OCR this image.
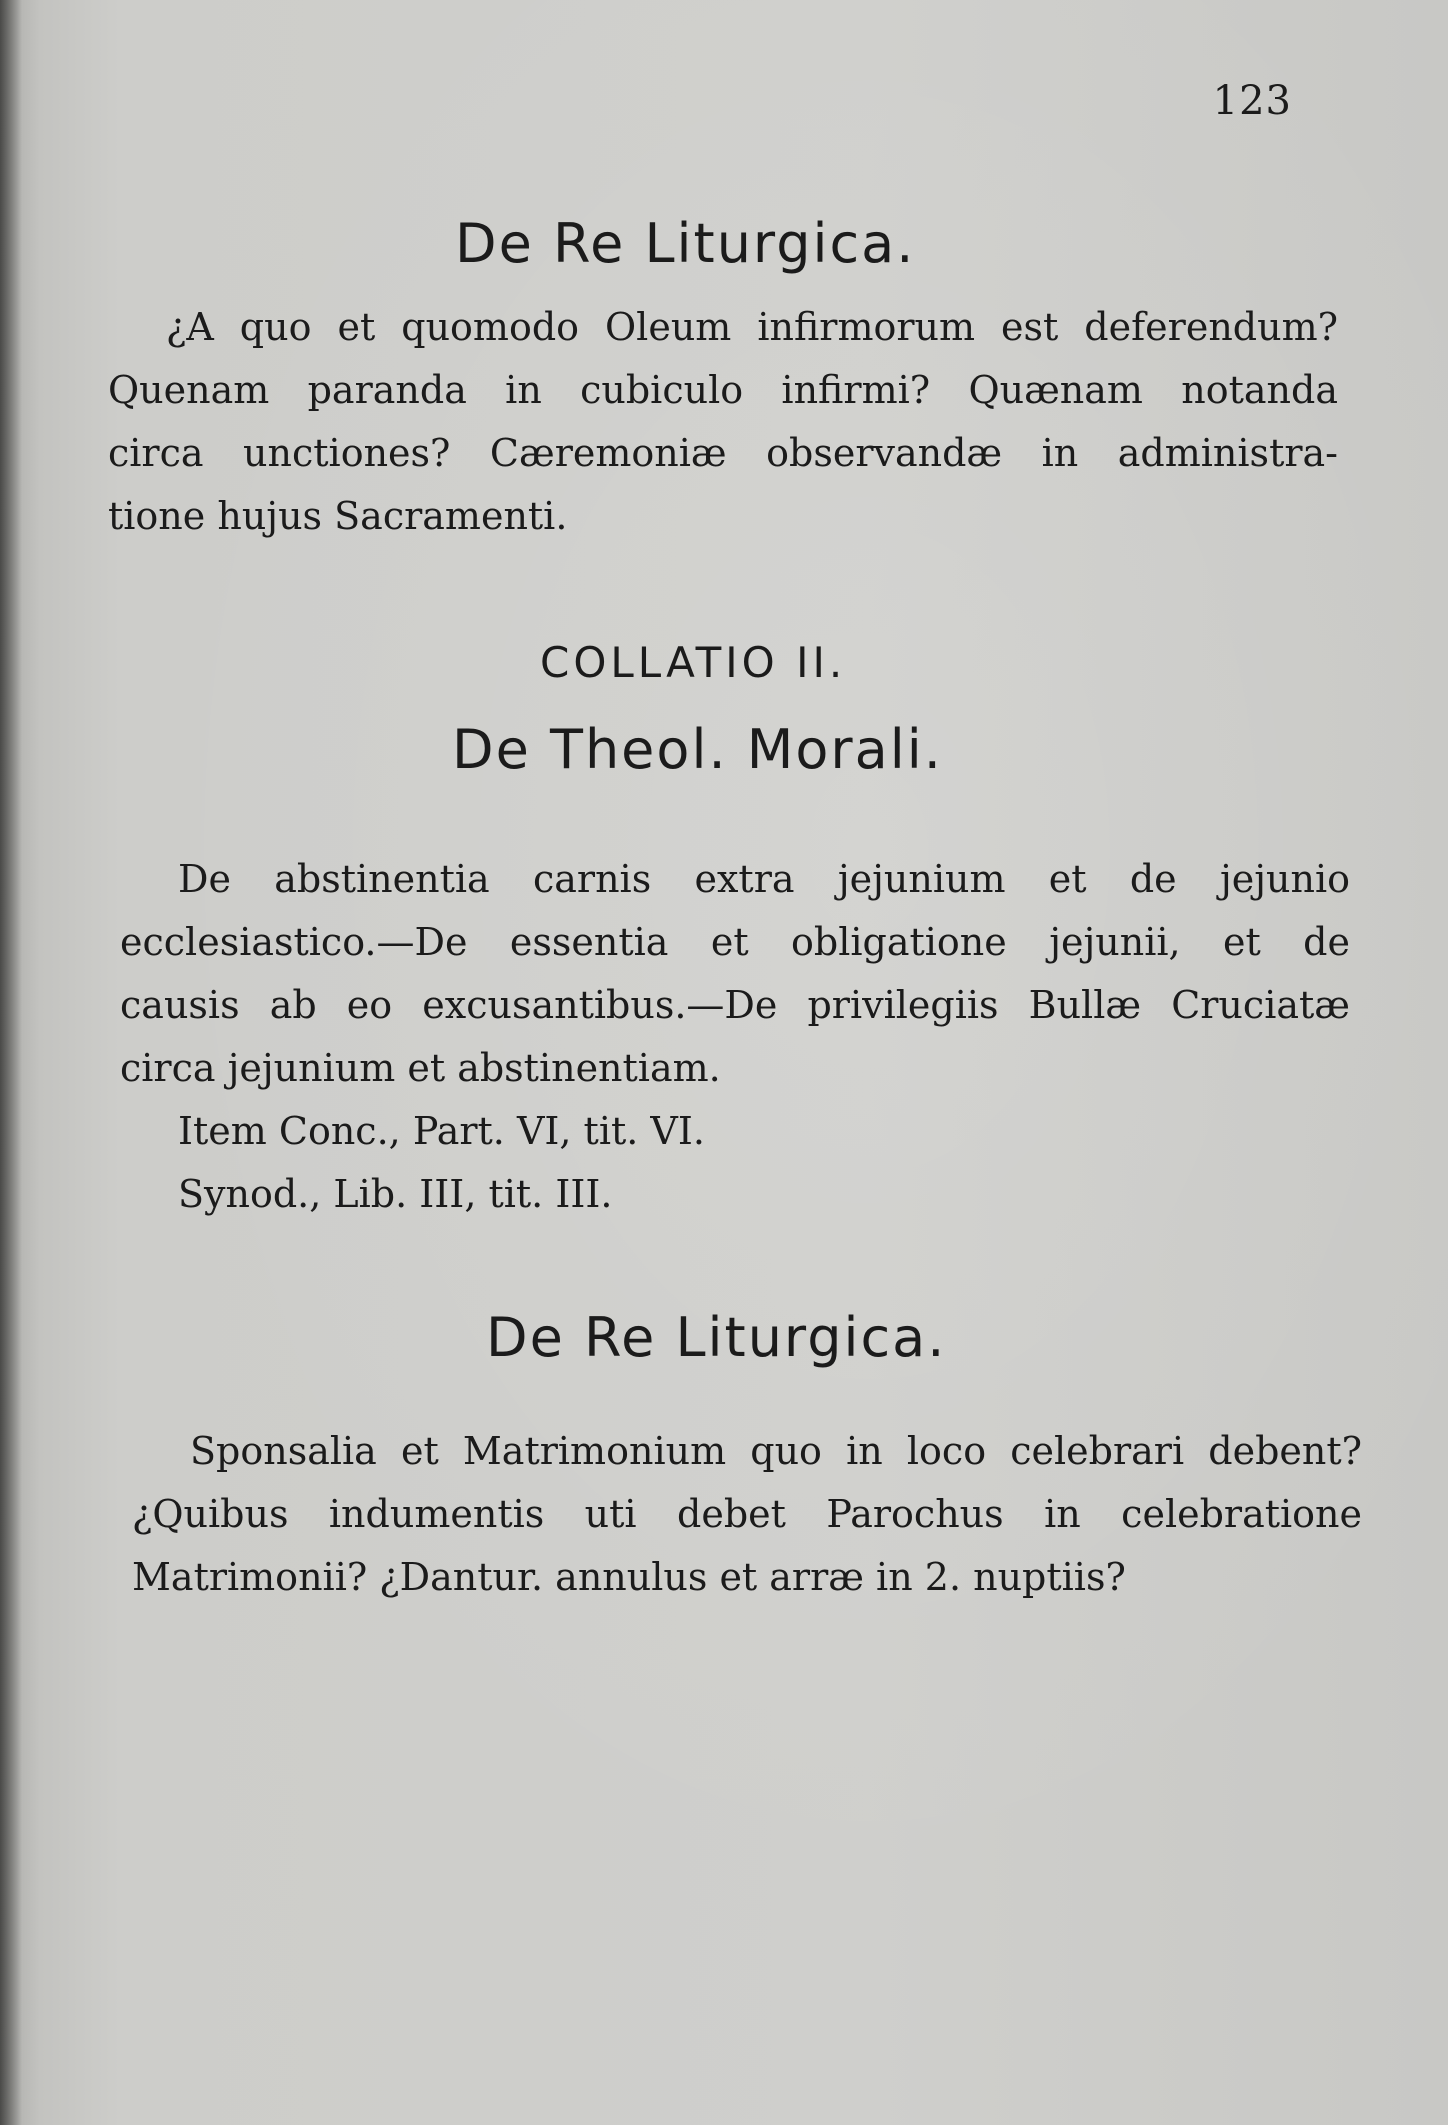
123
De Re Liturgica.
¿A quo et quomodo Oleum infirmorum est deferendum?
Quenam paranda in cubiculo infirmi? Quænam notanda
circa unctiones? Cæremoniæ observandæ in administra-
tione hujus Sacramenti.
COLLATIO II.
De Theol. Morali.
De abstinentia carnis extra jejunium et de jejunio
ecclesiastico.—De essentia et obligatione jejunii, et de
causis ab eo excusantibus.—De privilegiis Bullæ Cruciatæ
circa jejunium et abstinentiam.
Item Conc., Part. VI, tit. VI.
Synod., Lib. III, tit. III.
De Re Liturgica.
Sponsalia et Matrimonium quo in loco celebrari debent?
¿Quibus indumentis uti debet Parochus in celebratione
Matrimonii? ¿Dantur. annulus et arræ in 2. nuptiis?
